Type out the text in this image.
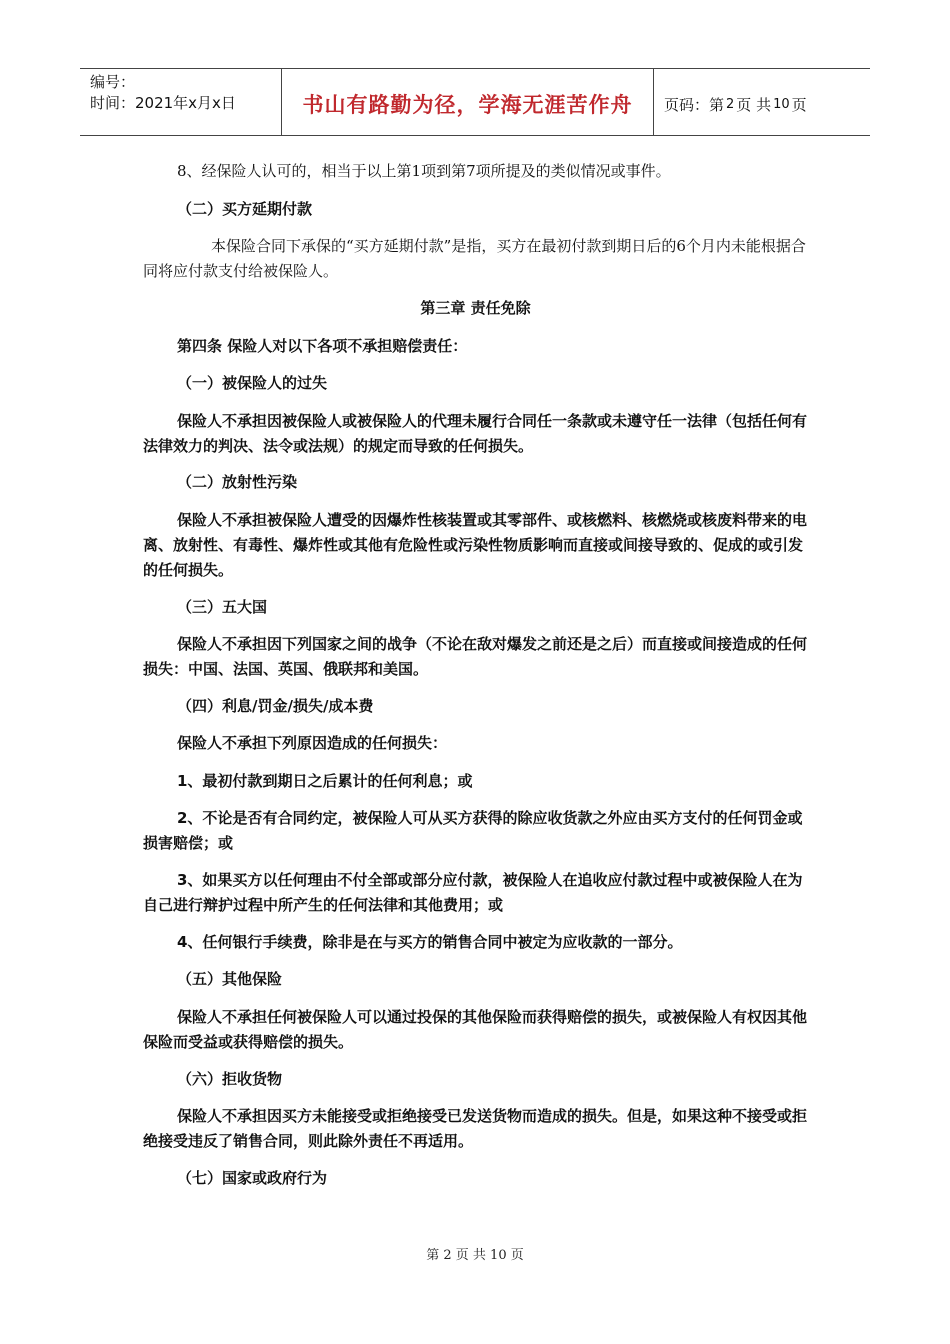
编号：
时间：2021年x月x日	书山有路勤为径，学海无涯苦作舟 页码：第 2 页 共 10 页

8、经保险人认可的，相当于以上第1项到第7项所提及的类似情况或事件。

（二）买方延期付款

本保险合同下承保的“买方延期付款”是指，买方在最初付款到期日后的6个月内未能根据合同将应付款支付给被保险人。

第三章 责任免除

第四条 保险人对以下各项不承担赔偿责任：

（一）被保险人的过失

保险人不承担因被保险人或被保险人的代理未履行合同任一条款或未遵守任一法律（包括任何有法律效力的判决、法令或法规）的规定而导致的任何损失。

（二）放射性污染

保险人不承担被保险人遭受的因爆炸性核装置或其零部件、或核燃料、核燃烧或核废料带来的电离、放射性、有毒性、爆炸性或其他有危险性或污染性物质影响而直接或间接导致的、促成的或引发的任何损失。

（三）五大国

保险人不承担因下列国家之间的战争（不论在敌对爆发之前还是之后）而直接或间接造成的任何损失：中国、法国、英国、俄联邦和美国。

（四）利息/罚金/损失/成本费

保险人不承担下列原因造成的任何损失：

1、最初付款到期日之后累计的任何利息；或

2、不论是否有合同约定，被保险人可从买方获得的除应收货款之外应由买方支付的任何罚金或损害赔偿；或

3、如果买方以任何理由不付全部或部分应付款，被保险人在追收应付款过程中或被保险人在为自己进行辩护过程中所产生的任何法律和其他费用；或

4、任何银行手续费，除非是在与买方的销售合同中被定为应收款的一部分。

（五）其他保险

保险人不承担任何被保险人可以通过投保的其他保险而获得赔偿的损失，或被保险人有权因其他保险而受益或获得赔偿的损失。

（六）拒收货物

保险人不承担因买方未能接受或拒绝接受已发送货物而造成的损失。但是，如果这种不接受或拒绝接受违反了销售合同，则此除外责任不再适用。

（七）国家或政府行为

第 2 页 共 10 页
